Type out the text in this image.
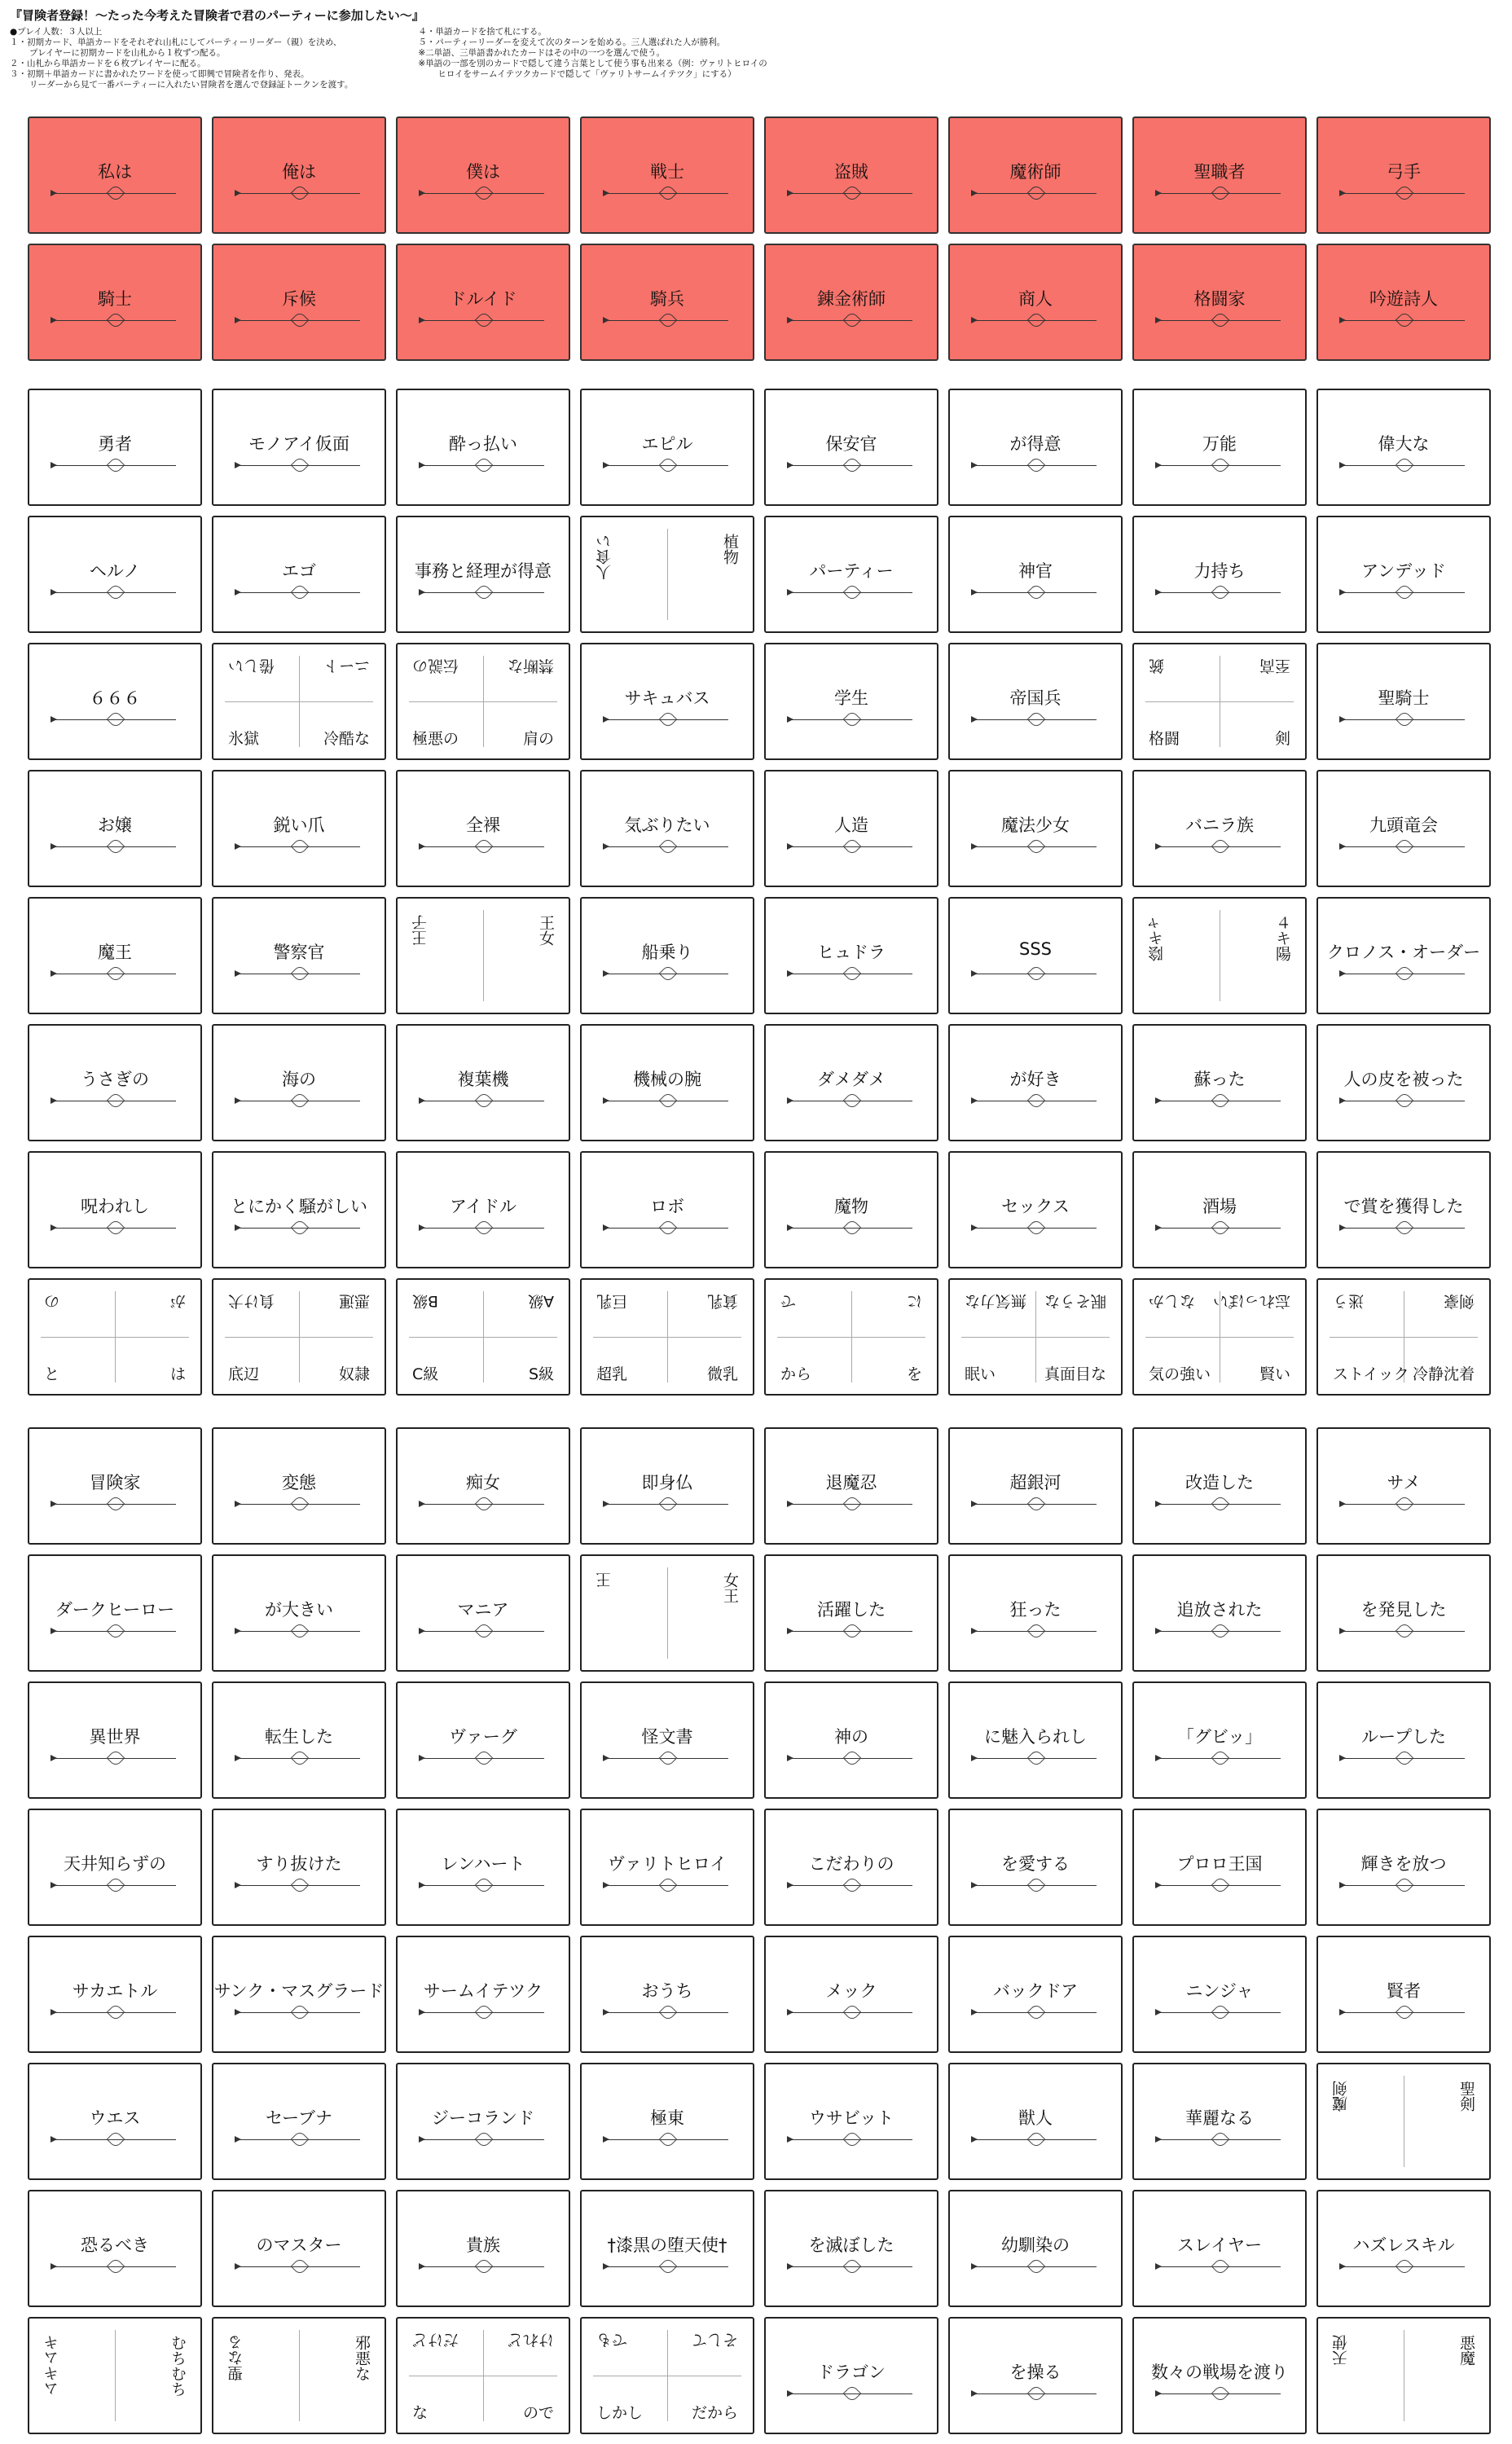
『冒険者登録！〜たった今考えた冒険者で君のパーティーに参加したい〜』
●プレイ人数：３人以上
１・初期カード、単語カードをそれぞれ山札にしてパーティーリーダー（親）を決め、
プレイヤーに初期カードを山札から１枚ずつ配る。
２・山札から単語カードを６枚プレイヤーに配る。
３・初期＋単語カードに書かれたワードを使って即興で冒険者を作り、発表。
リーダーから見て一番パーティーに入れたい冒険者を選んで登録証トークンを渡す。
４・単語カードを捨て札にする。
５・パーティーリーダーを変えて次のターンを始める。三人選ばれた人が勝利。
※二単語、三単語書かれたカードはその中の一つを選んで使う。
※単語の一部を別のカードで隠して違う言葉として使う事も出来る（例：ヴァリトヒロイの
ヒロイをサームイテツクカードで隠して「ヴァリトサームイテツク」にする）
私は	俺は	僕は	戦士	盗賊	魔術師	聖職者	弓手
騎士	斥候	ドルイド	騎兵	錬金術師	商人	格闘家	吟遊詩人
勇者	モノアイ仮面	酔っ払い	エピル	保安官	が得意	万能	偉大な
ヘルノ	エゴ	事務と経理が得意	人食い	植物
パーティー	神官	力持ち	アンデッド
６６６
倦しい	ニート
氷獄	冷酷な
伝説の	禁断な
極悪の	肩の
サキュバス	学生	帝国兵
銃	至高
格闘	剣
聖騎士
お嬢	鋭い爪	全裸	気ぶりたい	人造	魔法少女	バニラ族	九頭竜会
魔王	警察官
王子	王女
船乗り	ヒュドラ	SSS	陰キャ	４キ陽	クロノス・オーダー
うさぎの	海の	複葉機	機械の腕	ダメダメ	が好き	蘇った	人の皮を被った
呪われし	とにかく騒がしい	アイドル	ロボ	魔物	セックス	酒場	で賞を獲得した
の	が
と	は
負け犬	悪運
底辺	奴隷
B級	A級
C級	S級
巨乳	貧乳
超乳	微乳
で	に
から	を
無気力な 眠そうな
眠い	真面目な
なしか 忘れっぽい
気の強い	賢い
迷う	剣豪
ストイック 冷静沈着
冒険家	変態	痴女	即身仏	退魔忍	超銀河	改造した	サメ
ダークヒーロー	が大きい	マニア
王	女王
活躍した	狂った	追放された	を発見した
異世界	転生した	ヴァーグ	怪文書	神の	に魅入られし	「グビッ」	ループした
天井知らずの	すり抜けた	レンハート	ヴァリトヒロイ	こだわりの	を愛する	プロロ王国	輝きを放つ
サカエトル	サンク・マスグラード	サームイテツク	おうち	メック	バックドア	ニンジャ	賢者
ウエス	セーブナ	ジーコランド	極東	ウサビット	獣人	華麗なる
魔剣	聖剣
恐るべき	のマスター	貴族	†漆黒の堕天使†	を滅ぼした	幼馴染の	スレイヤー	ハズレスキル
ムキムキ	むちむち	聖なる	邪悪な	だけど	けれど
な	ので
でも	そして
しかし	だから
ドラゴン	を操る	数々の戦場を渡り
天使	悪魔
